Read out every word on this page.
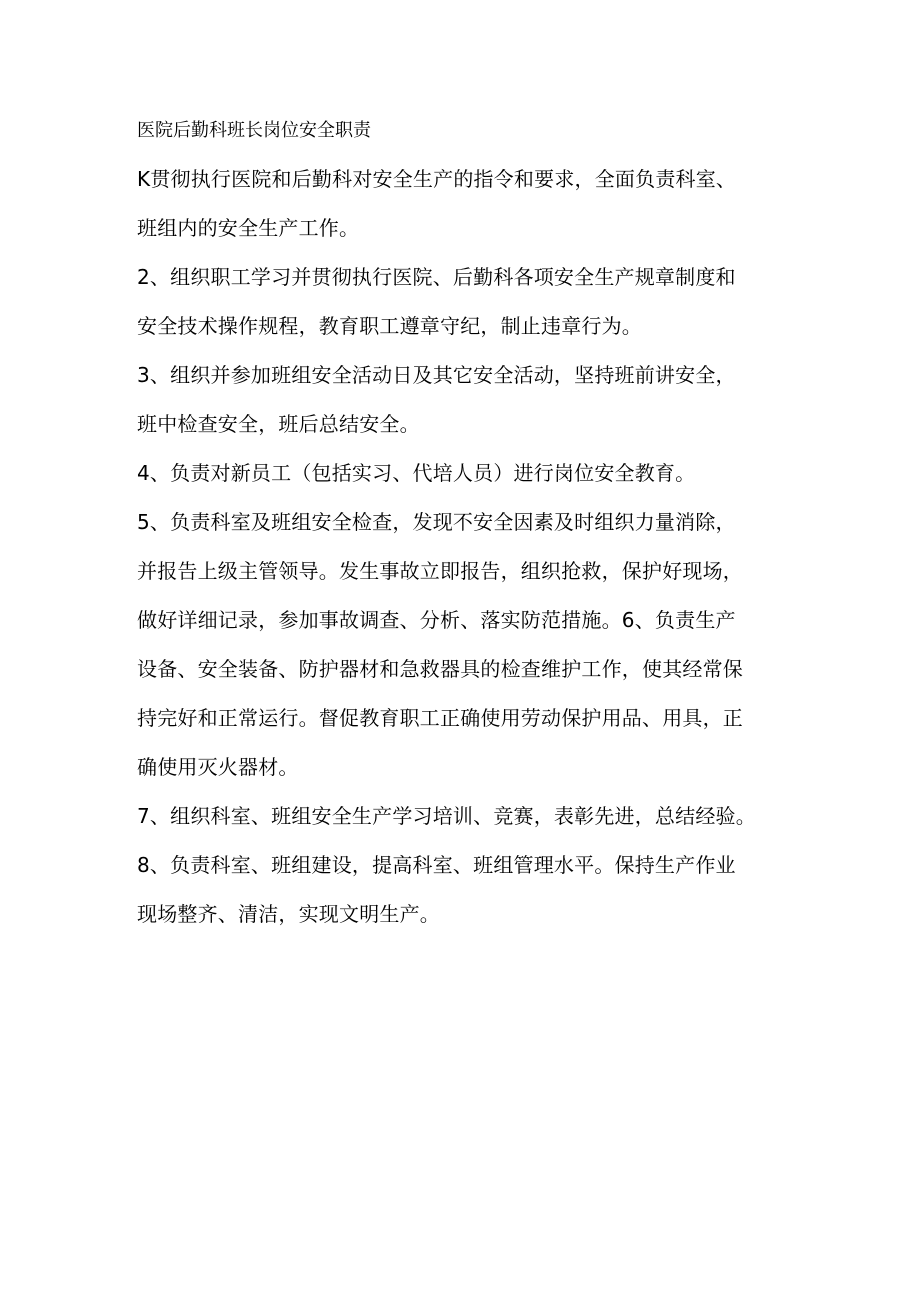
医院后勤科班长岗位安全职责
K贯彻执行医院和后勤科对安全生产的指令和要求，全面负责科室、
班组内的安全生产工作。
2、组织职工学习并贯彻执行医院、后勤科各项安全生产规章制度和
安全技术操作规程，教育职工遵章守纪，制止违章行为。
3、组织并参加班组安全活动日及其它安全活动，坚持班前讲安全，
班中检查安全，班后总结安全。
4、负责对新员工（包括实习、代培人员）进行岗位安全教育。
5、负责科室及班组安全检查，发现不安全因素及时组织力量消除，
并报告上级主管领导。发生事故立即报告，组织抢救，保护好现场，
做好详细记录，参加事故调查、分析、落实防范措施。6、负责生产
设备、安全装备、防护器材和急救器具的检查维护工作，使其经常保
持完好和正常运行。督促教育职工正确使用劳动保护用品、用具，正
确使用灭火器材。
7、组织科室、班组安全生产学习培训、竞赛，表彰先进，总结经验。
8、负责科室、班组建设，提高科室、班组管理水平。保持生产作业
现场整齐、清洁，实现文明生产。
